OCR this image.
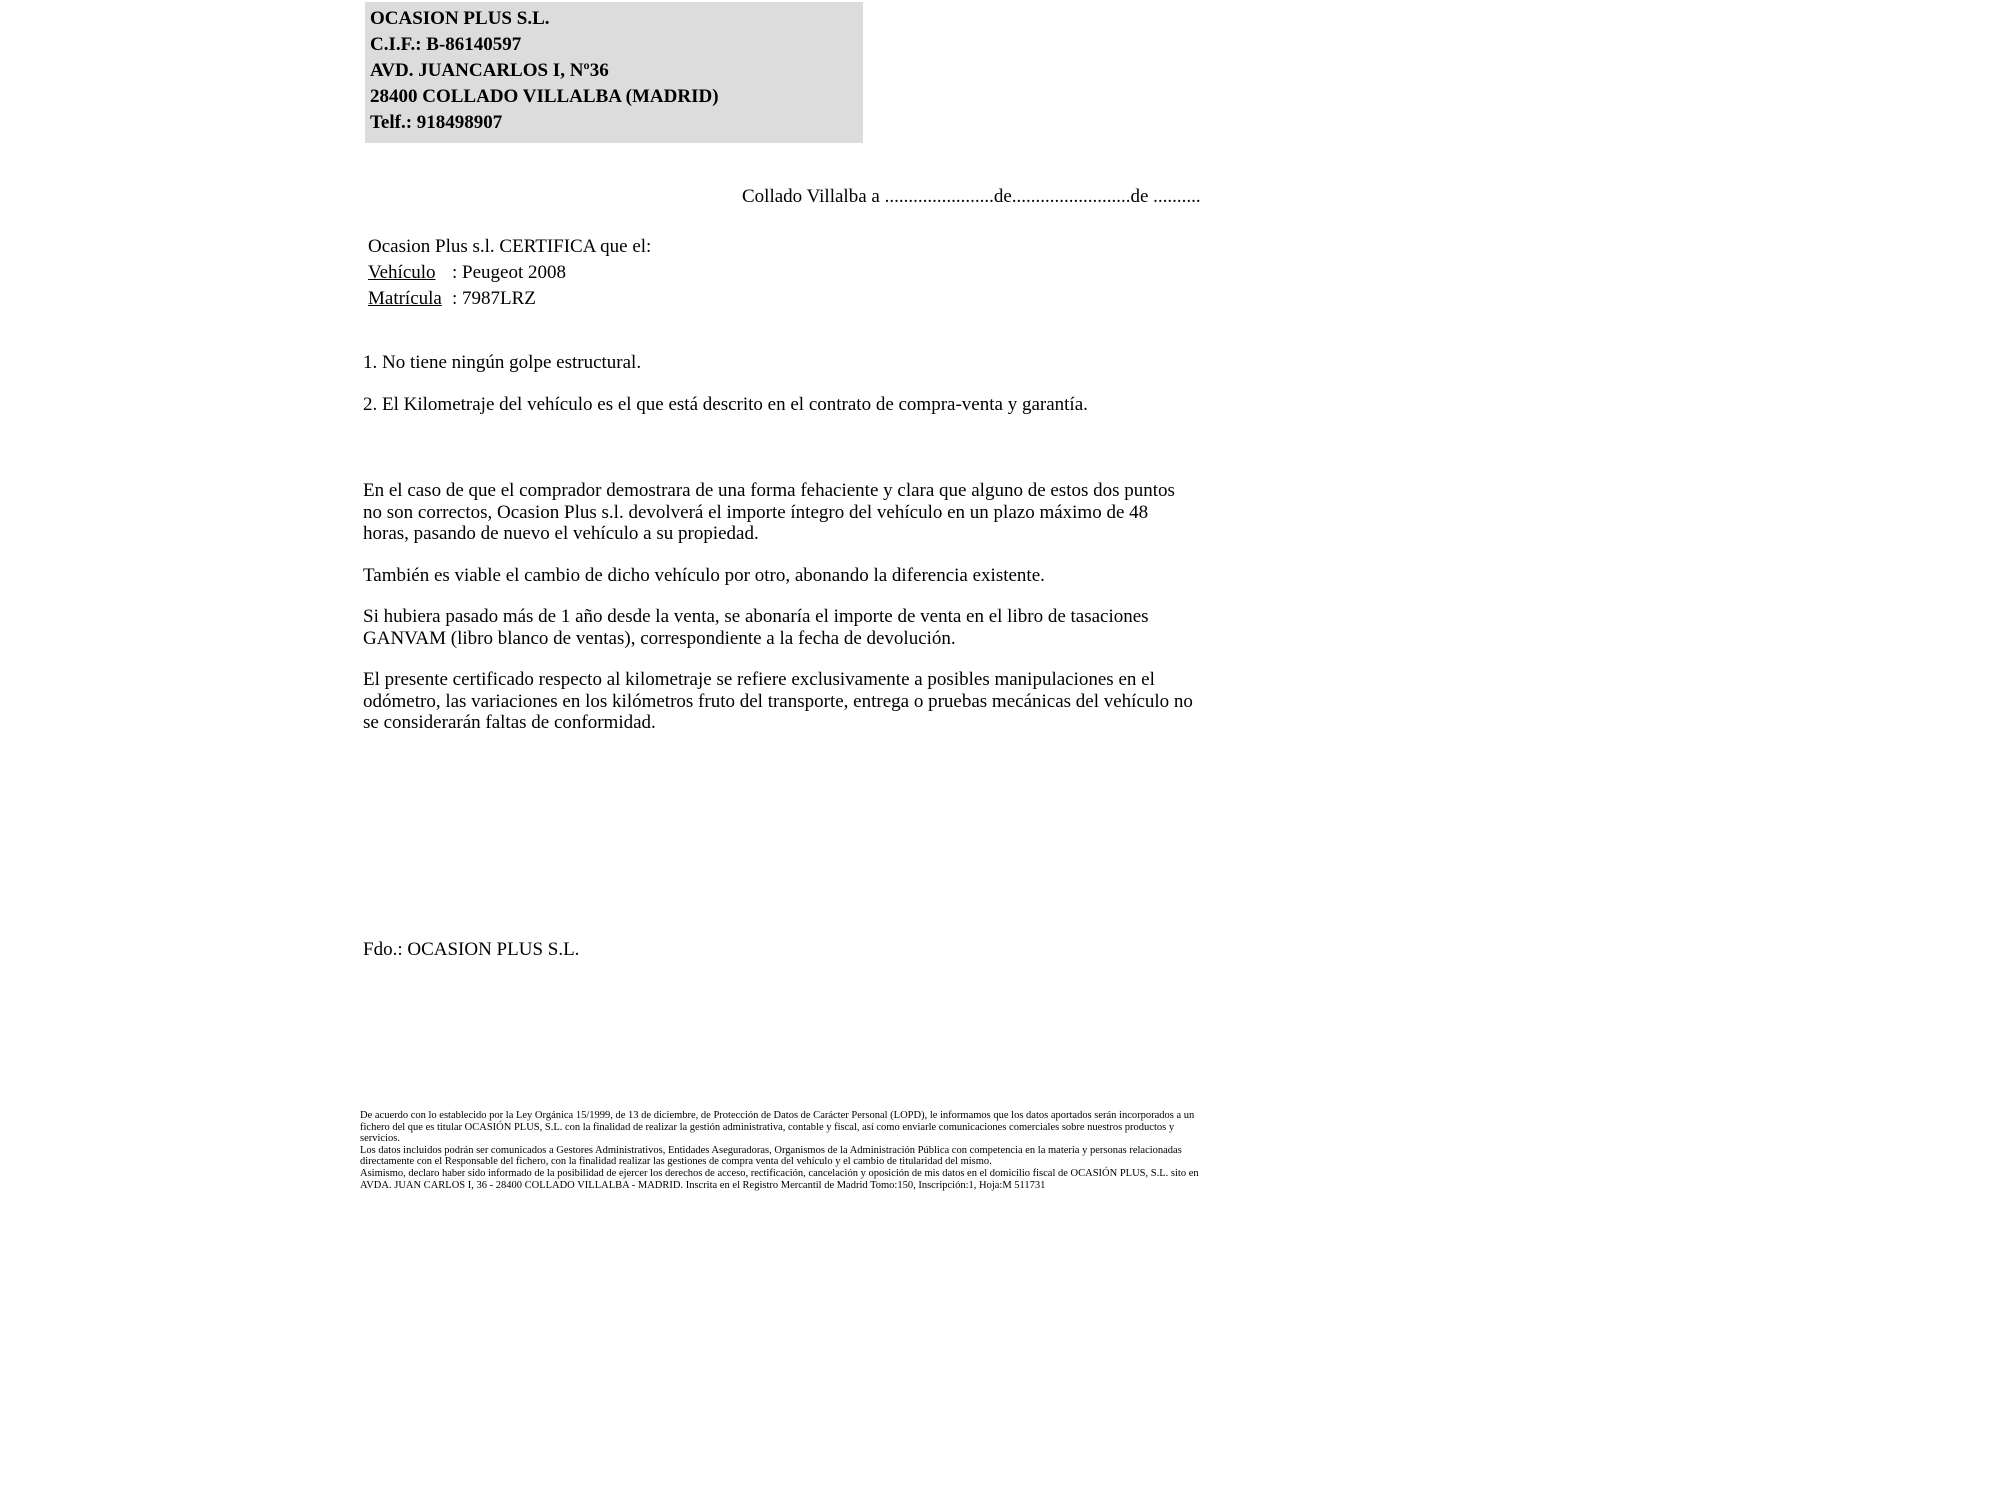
OCASION PLUS S.L.
C.I.F.: B-86140597
AVD. JUANCARLOS I, Nº36
28400 COLLADO VILLALBA (MADRID)
Telf.: 918498907
Collado Villalba a .......................de.........................de ..........
Ocasion Plus s.l. CERTIFICA que el:
Vehículo : Peugeot 2008
Matrícula : 7987LRZ
1. No tiene ningún golpe estructural.
2. El Kilometraje del vehículo es el que está descrito en el contrato de compra-venta y garantía.

En el caso de que el comprador demostrara de una forma fehaciente y clara que alguno de estos dos puntos no son correctos, Ocasion Plus s.l. devolverá el importe íntegro del vehículo en un plazo máximo de 48 horas, pasando de nuevo el vehículo a su propiedad.

También es viable el cambio de dicho vehículo por otro, abonando la diferencia existente.

Si hubiera pasado más de 1 año desde la venta, se abonaría el importe de venta en el libro de tasaciones GANVAM (libro blanco de ventas), correspondiente a la fecha de devolución.

El presente certificado respecto al kilometraje se refiere exclusivamente a posibles manipulaciones en el odómetro, las variaciones en los kilómetros fruto del transporte, entrega o pruebas mecánicas del vehículo no se considerarán faltas de conformidad.

Fdo.: OCASION PLUS S.L.
De acuerdo con lo establecido por la Ley Orgánica 15/1999, de 13 de diciembre, de Protección de Datos de Carácter Personal (LOPD), le informamos que los datos aportados serán incorporados a un fichero del que es titular OCASIÓN PLUS, S.L. con la finalidad de realizar la gestión administrativa, contable y fiscal, así como enviarle comunicaciones comerciales sobre nuestros productos y servicios.
Los datos incluidos podrán ser comunicados a Gestores Administrativos, Entidades Aseguradoras, Organismos de la Administración Pública con competencia en la materia y personas relacionadas directamente con el Responsable del fichero, con la finalidad realizar las gestiones de compra venta del vehículo y el cambio de titularidad del mismo.
Asimismo, declaro haber sido informado de la posibilidad de ejercer los derechos de acceso, rectificación, cancelación y oposición de mis datos en el domicilio fiscal de OCASIÓN PLUS, S.L. sito en AVDA. JUAN CARLOS I, 36 - 28400 COLLADO VILLALBA - MADRID. Inscrita en el Registro Mercantil de Madrid Tomo:150, Inscripción:1, Hoja:M 511731
